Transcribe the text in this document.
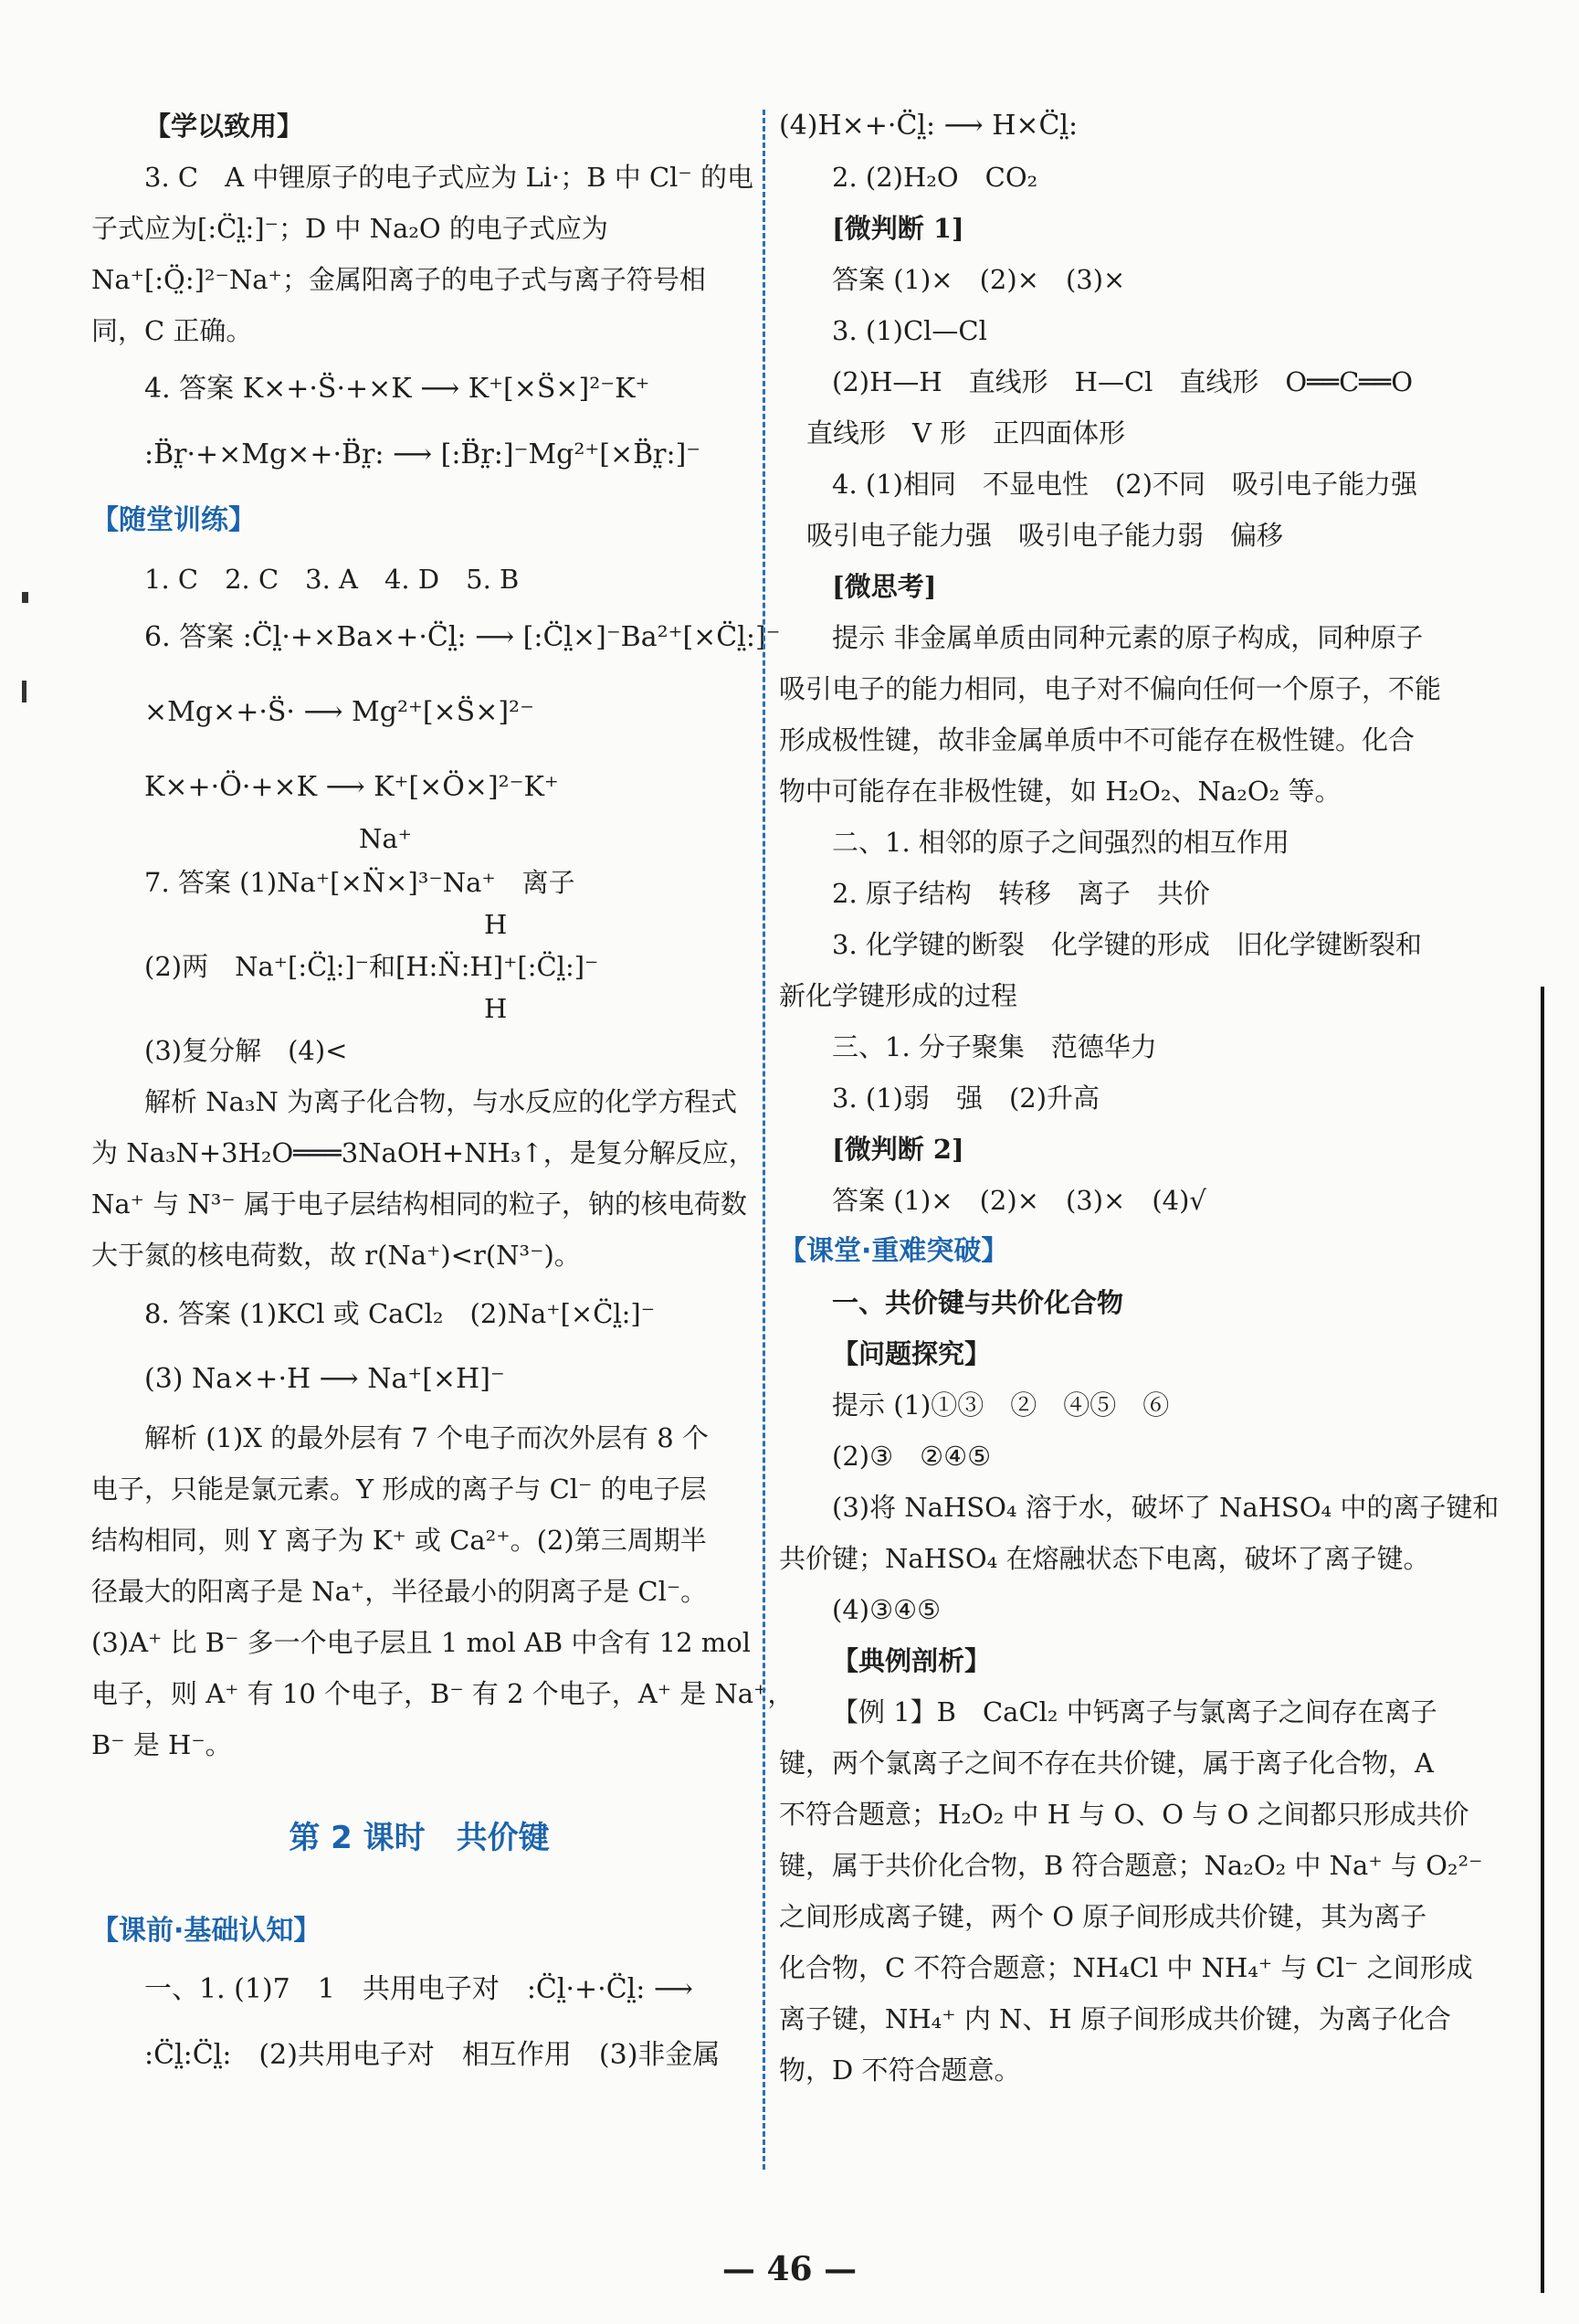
【学以致用】

3. C　A 中锂原子的电子式应为 Li·；B 中 Cl⁻ 的电

子式应为[:C̈l̤:]⁻；D 中 Na₂O 的电子式应为

Na⁺[:Ö̤:]²⁻Na⁺；金属阳离子的电子式与离子符号相

同，C 正确。

4. 答案 K×+·S̈·+×K ⟶ K⁺[×S̈×]²⁻K⁺

:B̈r̤·+×Mg×+·B̈r̤: ⟶ [:B̈r̤:]⁻Mg²⁺[×B̈r̤:]⁻

【随堂训练】

1. C　2. C　3. A　4. D　5. B

6. 答案 :C̈l̤·+×Ba×+·C̈l̤: ⟶ [:C̈l̤×]⁻Ba²⁺[×C̈l̤:]⁻

×Mg×+·S̈· ⟶ Mg²⁺[×S̈×]²⁻

K×+·Ö·+×K ⟶ K⁺[×Ö×]²⁻K⁺

Na⁺

7. 答案 (1)Na⁺[×N̈×]³⁻Na⁺　离子

H

(2)两　Na⁺[:C̈l̤:]⁻和[H:N̈:H]⁺[:C̈l̤:]⁻

H

(3)复分解　(4)<

解析 Na₃N 为离子化合物，与水反应的化学方程式

为 Na₃N+3H₂O═══3NaOH+NH₃↑，是复分解反应，

Na⁺ 与 N³⁻ 属于电子层结构相同的粒子，钠的核电荷数

大于氮的核电荷数，故 r(Na⁺)<r(N³⁻)。

8. 答案 (1)KCl 或 CaCl₂　(2)Na⁺[×C̈l̤:]⁻

(3) Na×+·H ⟶ Na⁺[×H]⁻

解析 (1)X 的最外层有 7 个电子而次外层有 8 个

电子，只能是氯元素。Y 形成的离子与 Cl⁻ 的电子层

结构相同，则 Y 离子为 K⁺ 或 Ca²⁺。(2)第三周期半

径最大的阳离子是 Na⁺，半径最小的阴离子是 Cl⁻。

(3)A⁺ 比 B⁻ 多一个电子层且 1 mol AB 中含有 12 mol

电子，则 A⁺ 有 10 个电子，B⁻ 有 2 个电子，A⁺ 是 Na⁺，

B⁻ 是 H⁻。

第 2 课时　共价键

【课前·基础认知】

一、1. (1)7　1　共用电子对　:C̈l̤·+·C̈l̤: ⟶

:C̈l̤:C̈l̤:　(2)共用电子对　相互作用　(3)非金属

(4)H×+·C̈l̤: ⟶ H×C̈l̤:

2. (2)H₂O　CO₂

[微判断 1]

答案 (1)×　(2)×　(3)×

3. (1)Cl—Cl

(2)H—H　直线形　H—Cl　直线形　O══C══O

直线形　V 形　正四面体形

4. (1)相同　不显电性　(2)不同　吸引电子能力强

吸引电子能力强　吸引电子能力弱　偏移

[微思考]

提示 非金属单质由同种元素的原子构成，同种原子

吸引电子的能力相同，电子对不偏向任何一个原子，不能

形成极性键，故非金属单质中不可能存在极性键。化合

物中可能存在非极性键，如 H₂O₂、Na₂O₂ 等。

二、1. 相邻的原子之间强烈的相互作用

2. 原子结构　转移　离子　共价

3. 化学键的断裂　化学键的形成　旧化学键断裂和

新化学键形成的过程

三、1. 分子聚集　范德华力

3. (1)弱　强　(2)升高

[微判断 2]

答案 (1)×　(2)×　(3)×　(4)√

【课堂·重难突破】

一、共价键与共价化合物

【问题探究】

提示 (1)①③　②　④⑤　⑥

(2)③　②④⑤

(3)将 NaHSO₄ 溶于水，破坏了 NaHSO₄ 中的离子键和

共价键；NaHSO₄ 在熔融状态下电离，破坏了离子键。

(4)③④⑤

【典例剖析】

【例 1】B　CaCl₂ 中钙离子与氯离子之间存在离子

键，两个氯离子之间不存在共价键，属于离子化合物，A

不符合题意；H₂O₂ 中 H 与 O、O 与 O 之间都只形成共价

键，属于共价化合物，B 符合题意；Na₂O₂ 中 Na⁺ 与 O₂²⁻

之间形成离子键，两个 O 原子间形成共价键，其为离子

化合物，C 不符合题意；NH₄Cl 中 NH₄⁺ 与 Cl⁻ 之间形成

离子键，NH₄⁺ 内 N、H 原子间形成共价键，为离子化合

物，D 不符合题意。

— 46 —
